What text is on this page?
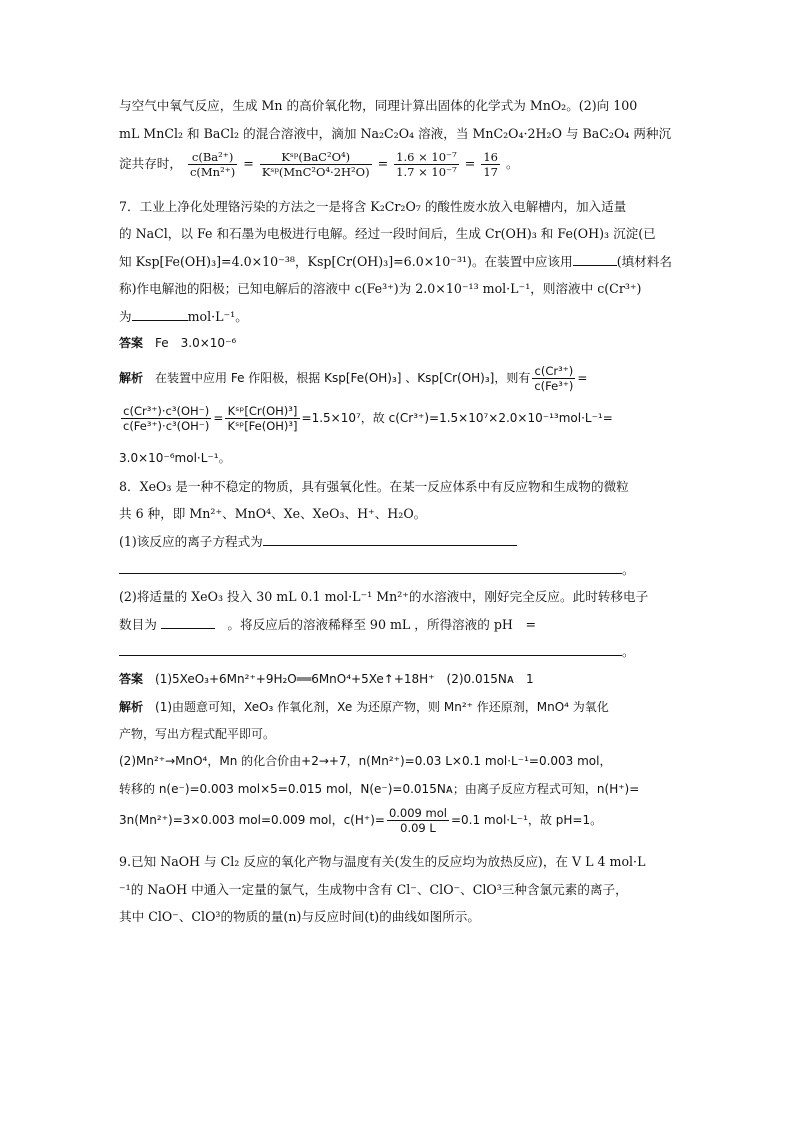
与空气中氧气反应，生成 Mn 的高价氧化物，同理计算出固体的化学式为 MnO₂。(2)向 100
mL MnCl₂ 和 BaCl₂ 的混合溶液中，滴加 Na₂C₂O₄ 溶液，当 MnC₂O₄·2H₂O 与 BaC₂O₄ 两种沉
淀共存时， $\frac{\text{c(Ba²⁺)}}{\text{c(Mn²⁺)}} = \frac{\text{Kˢᵖ(BaC²O⁴)}}{\text{Kˢᵖ(MnC²O⁴·2H²O)}} = \frac{\text{1.6 × 10⁻⁷}}{\text{1.7 × 10⁻⁷}} = \frac{16}{17}$ 。
7．工业上净化处理铬污染的方法之一是将含 K₂Cr₂O₇ 的酸性废水放入电解槽内，加入适量
的 NaCl，以 Fe 和石墨为电极进行电解。经过一段时间后，生成 Cr(OH)₃ 和 Fe(OH)₃ 沉淀(已
知 Ksp[Fe(OH)₃]=4.0×10⁻³⁸，Ksp[Cr(OH)₃]=6.0×10⁻³¹)。在装置中应该用	(填材料名
称)作电解池的阳极；已知电解后的溶液中 c(Fe³⁺)为 2.0×10⁻¹³ mol·L⁻¹，则溶液中 c(Cr³⁺)
为	mol·L⁻¹。
答案　 Fe　3.0×10⁻⁶
解析　 在装置中应用 Fe 作阳极，根据 Ksp[Fe(OH)₃] 、Ksp[Cr(OH)₃]，则有 $\frac{\text{c(Cr³⁺)}}{\text{c(Fe³⁺)}}$ =
$\frac{\text{c(Cr³⁺)·c³(OH⁻)}}{\text{c(Fe³⁺)·c³(OH⁻)}} = \frac{\text{Kˢᵖ[Cr(OH)³]}}{\text{Kˢᵖ[Fe(OH)³]}} =1.5\times 10^7$，故 c(Cr³⁺)=1.5×10⁷×2.0×10⁻¹³mol·L⁻¹=
3.0×10⁻⁶mol·L⁻¹。
8．XeO₃ 是一种不稳定的物质，具有强氧化性。在某一反应体系中有反应物和生成物的微粒
共 6 种，即 Mn²⁺、MnO⁴、Xe、XeO₃、H⁺、H₂O。
(1)该反应的离子方程式为
。
(2)将适量的 XeO₃ 投入 30 mL 0.1 mol·L⁻¹ Mn²⁺的水溶液中，刚好完全反应。此时转移电子
数目为 　	。将反应后的溶液稀释至 90 mL ，所得溶液的 pH　=
。
答案　 (1)5XeO₃+6Mn²⁺+9H₂O══6MnO⁴+5Xe↑+18H⁺　(2)0.015Nᴀ　1
解析　 (1)由题意可知，XeO₃ 作氧化剂，Xe 为还原产物，则 Mn²⁺ 作还原剂，MnO⁴ 为氧化
产物，写出方程式配平即可。
(2)Mn²⁺→MnO⁴，Mn 的化合价由+2→+7，n(Mn²⁺)=0.03 L×0.1 mol·L⁻¹=0.003 mol，
转移的 n(e⁻)=0.003 mol×5=0.015 mol，N(e⁻)=0.015Nᴀ；由离子反应方程式可知，n(H⁺)=
3n(Mn²⁺)=3×0.003 mol=0.009 mol，$c(H^+)= \frac{\text{0.009 mol}}{0.09 L} =0.1$ mol·L⁻¹，故 pH=1。
9.已知 NaOH 与 Cl₂ 反应的氧化产物与温度有关(发生的反应均为放热反应)，在 V L 4 mol·L
⁻¹的 NaOH 中通入一定量的氯气，生成物中含有 Cl⁻、ClO⁻、ClO³三种含氯元素的离子，
其中 ClO⁻、ClO³的物质的量(n)与反应时间(t)的曲线如图所示。
